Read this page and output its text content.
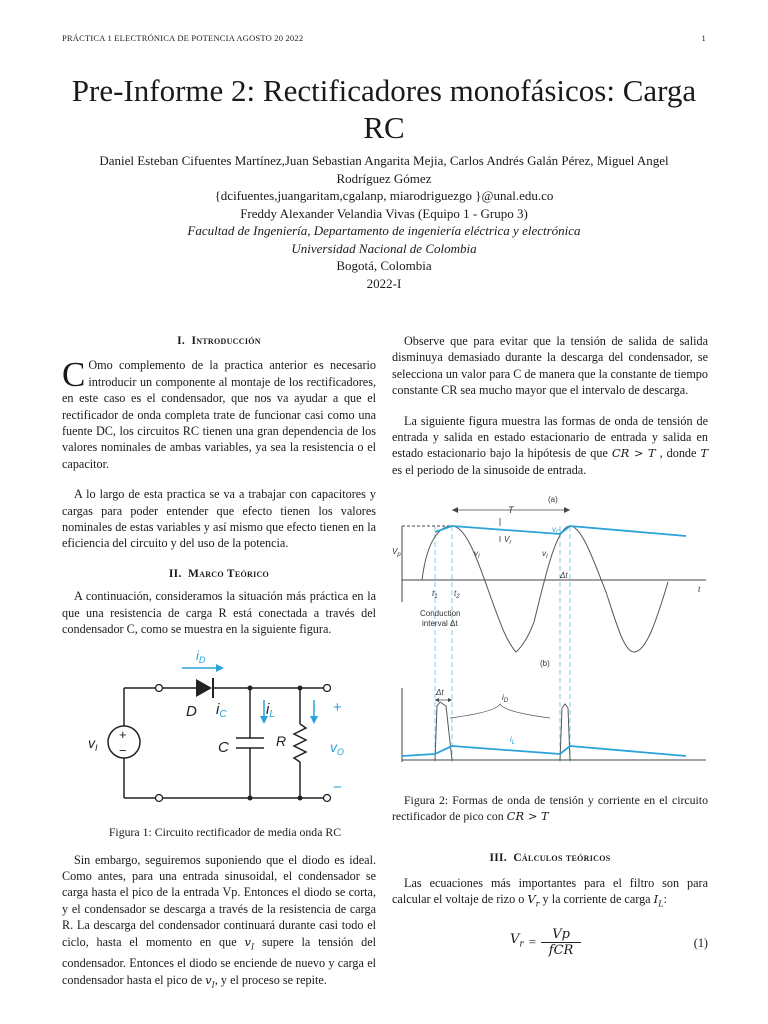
PRÁCTICA 1 ELECTRÓNICA DE POTENCIA AGOSTO 20 2022	1
Pre-Informe 2: Rectificadores monofásicos: Carga
RC
Daniel Esteban Cifuentes Martínez,Juan Sebastian Angarita Mejia, Carlos Andrés Galán Pérez, Miguel Angel
Rodríguez Gómez
{dcifuentes,juangaritam,cgalanp, miarodriguezgo }@unal.edu.co
Freddy Alexander Velandia Vivas (Equipo 1 - Grupo 3)
Facultad de Ingeniería, Departamento de ingeniería eléctrica y electrónica
Universidad Nacional de Colombia
Bogotá, Colombia
2022-I
I. Introducción

C Omo complemento de la practica anterior es necesario introducir un componente al montaje de los rectificadores, en este caso es el condensador, que nos va ayudar a que el rectificador de onda completa trate de funcionar casi como una fuente DC, los circuitos RC tienen una gran dependencia de los valores nominales de ambas variables, ya sea la resistencia o el capacitor.

A lo largo de esta practica se va a trabajar con capacitores y cargas para poder entender que efecto tienen los valores nominales de estas variables y así mismo que efecto tienen en la eficiencia del circuito y del uso de la potencia.

II. Marco Teórico

A continuación, consideramos la situación más práctica en la que una resistencia de carga R está conectada a través del condensador C, como se muestra en la siguiente figura.

+
−
$i_D$
D $i_C$	$i_L$
C	R
$v_I$	$v_O$
+
−

Figura 1: Circuito rectificador de media onda RC

Sin embargo, seguiremos suponiendo que el diodo es ideal. Como antes, para una entrada sinusoidal, el condensador se carga hasta el pico de la entrada Vp. Entonces el diodo se corta, y el condensador se descarga a través de la resistencia de carga R. La descarga del condensador continuará durante casi todo el ciclo, hasta el momento en que $v_I$ supere la tensión del condensador. Entonces el diodo se enciende de nuevo y carga el condensador hasta el pico de $v_I$, y el proceso se repite.

Observe que para evitar que la tensión de salida de salida disminuya demasiado durante la descarga del condensador, se selecciona un valor para C de manera que la constante de tiempo constante CR sea mucho mayor que el intervalo de descarga.

La siguiente figura muestra las formas de onda de tensión de entrada y salida en estado estacionario de entrada y salida en estado estacionario bajo la hipótesis de que CR > T , donde T es el periodo de la sinusoide de entrada.

(a)
T
$V_r$
$v_O$
$v_I$	$v_I$
$V_p$
$t_1$ $t_2$
Δt
t
Conduction
interval Δt
(b)
Δt
$i_D$
$i_L$

Figura 2: Formas de onda de tensión y corriente en el circuito rectificador de pico con CR > T

III. Cálculos teóricos

Las ecuaciones más importantes para el filtro son para calcular el voltaje de rizo o $V_r$ y la corriente de carga $I_L$:

$V_r = Vp$
fCR	(1)
